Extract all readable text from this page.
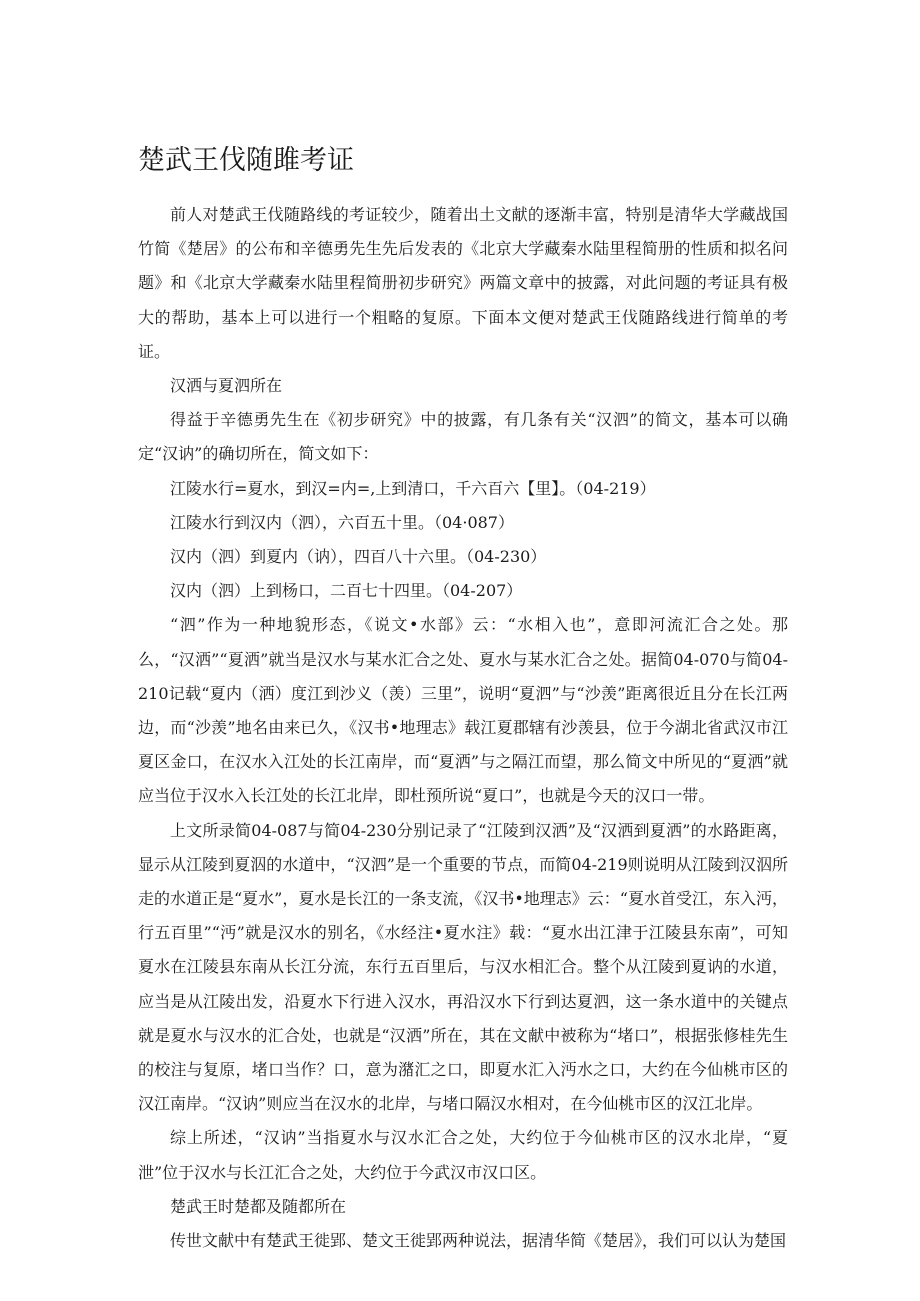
楚武王伐随雎考证

前人对楚武王伐随路线的考证较少，随着出土文献的逐渐丰富，特别是清华大学藏战国竹简《楚居》的公布和辛德勇先生先后发表的《北京大学藏秦水陆里程简册的性质和拟名问题》和《北京大学藏秦水陆里程简册初步研究》两篇文章中的披露，对此问题的考证具有极大的帮助，基本上可以进行一个粗略的复原。下面本文便对楚武王伐随路线进行简单的考证。

汉洒与夏泗所在

得益于辛德勇先生在《初步研究》中的披露，有几条有关“汉泗”的简文，基本可以确定“汉讷”的确切所在，简文如下：

江陵水行=夏水，到汉=内=,上到清口，千六百六【里】。（04-219）

江陵水行到汉内（泗），六百五十里。（04·087）

汉内（泗）到夏内（讷），四百八十六里。（04-230）

汉内（泗）上到杨口，二百七十四里。（04-207）

“泗”作为一种地貌形态，《说文•水部》云：“水相入也”，意即河流汇合之处。那么，“汉洒”“夏洒”就当是汉水与某水汇合之处、夏水与某水汇合之处。据简04-070与简04-210记载“夏内（洒）度江到沙义（羡）三里”，说明“夏泗”与“沙羡”距离很近且分在长江两边，而“沙羡”地名由来已久，《汉书•地理志》载江夏郡辖有沙羡县，位于今湖北省武汉市江夏区金口，在汉水入江处的长江南岸，而“夏洒”与之隔江而望，那么简文中所见的“夏洒”就应当位于汉水入长江处的长江北岸，即杜预所说“夏口”，也就是今天的汉口一带。

上文所录简04-087与简04-230分别记录了“江陵到汉洒”及“汉洒到夏洒”的水路距离，显示从江陵到夏泅的水道中，“汉泗”是一个重要的节点，而简04-219则说明从江陵到汉泅所走的水道正是“夏水”，夏水是长江的一条支流，《汉书•地理志》云：“夏水首受江，东入沔，行五百里”“沔”就是汉水的别名，《水经注•夏水注》载：“夏水出江津于江陵县东南”，可知夏水在江陵县东南从长江分流，东行五百里后，与汉水相汇合。整个从江陵到夏讷的水道，应当是从江陵出发，沿夏水下行进入汉水，再沿汉水下行到达夏泗，这一条水道中的关键点就是夏水与汉水的汇合处，也就是“汉洒”所在，其在文献中被称为“堵口”，根据张修桂先生的校注与复原，堵口当作？口，意为潴汇之口，即夏水汇入沔水之口，大约在今仙桃市区的汉江南岸。“汉讷”则应当在汉水的北岸，与堵口隔汉水相对，在今仙桃市区的汉江北岸。

综上所述，“汉讷”当指夏水与汉水汇合之处，大约位于今仙桃市区的汉水北岸，“夏泄”位于汉水与长江汇合之处，大约位于今武汉市汉口区。

楚武王时楚都及随都所在

传世文献中有楚武王徙郢、楚文王徙郢两种说法，据清华简《楚居》，我们可以认为楚国
